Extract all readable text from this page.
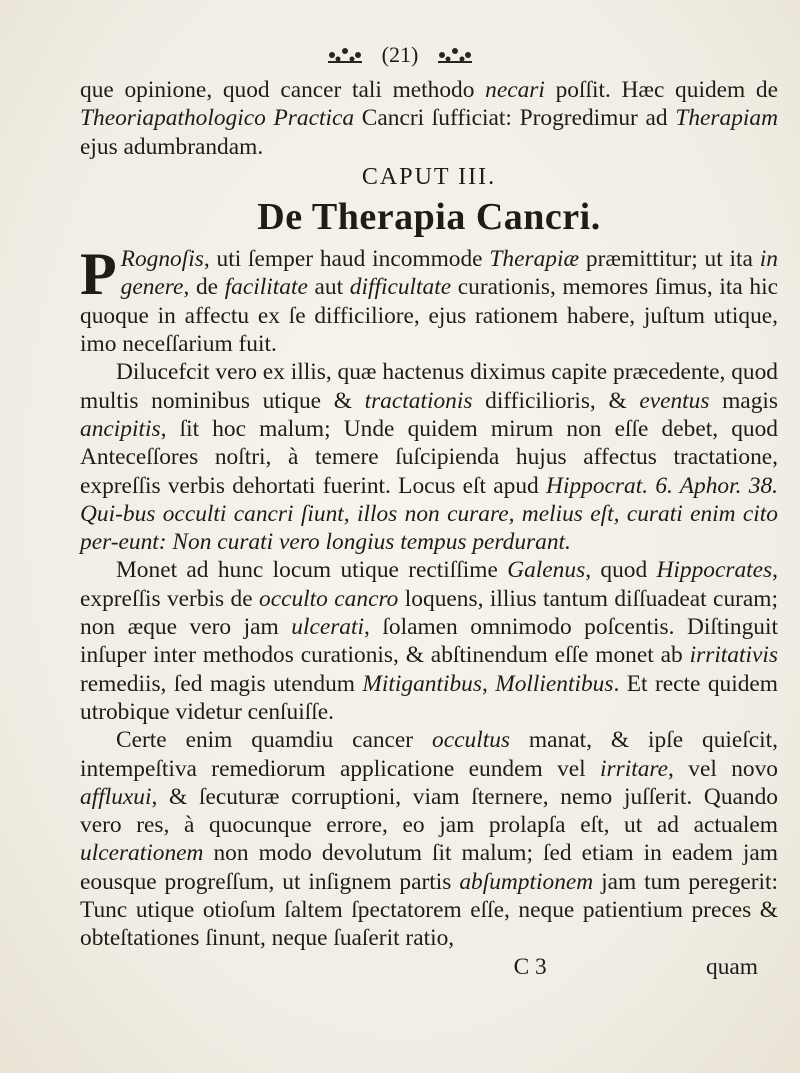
(21)

que opinione, quod cancer tali methodo necari poſſit. Hæc quidem de Theoriapathologico Practica Cancri ſufficiat: Progredimur ad Therapiam ejus adumbrandam.

CAPUT III.
De Therapia Cancri.

P Rognoſis, uti ſemper haud incommode Therapiæ præmittitur; ut ita in genere, de facilitate aut difficultate curationis, memores ſimus, ita hic quoque in affectu ex ſe difficiliore, ejus rationem habere, juſtum utique, imo neceſſarium fuit.

Dilucefcit vero ex illis, quæ hactenus diximus capite præcedente, quod multis nominibus utique & tractationis difficilioris, & eventus magis ancipitis, ſit hoc malum; Unde quidem mirum non eſſe debet, quod Anteceſſores noſtri, à temere ſuſcipienda hujus affectus tractatione, expreſſis verbis dehortati fuerint. Locus eſt apud Hippocrat. 6. Aphor. 38. Qui-bus occulti cancri ſiunt, illos non curare, melius eſt, curati enim cito per-eunt: Non curati vero longius tempus perdurant.

Monet ad hunc locum utique rectiſſime Galenus, quod Hippocrates, expreſſis verbis de occulto cancro loquens, illius tantum diſſuadeat curam; non æque vero jam ulcerati, ſolamen omnimodo poſcentis. Diſtinguit inſuper inter methodos curationis, & abſtinendum eſſe monet ab irritativis remediis, ſed magis utendum Mitigantibus, Mollientibus. Et recte quidem utrobique videtur cenſuiſſe.

Certe enim quamdiu cancer occultus manat, & ipſe quieſcit, intempeſtiva remediorum applicatione eundem vel irritare, vel novo affluxui, & ſecuturæ corruptioni, viam ſternere, nemo juſſerit. Quando vero res, à quocunque errore, eo jam prolapſa eſt, ut ad actualem ulcerationem non modo devolutum ſit malum; ſed etiam in eadem jam eousque progreſſum, ut inſignem partis abſumptionem jam tum peregerit: Tunc utique otioſum ſaltem ſpectatorem eſſe, neque patientium preces & obteſtationes ſinunt, neque ſuaſerit ratio,

C 3	quam
